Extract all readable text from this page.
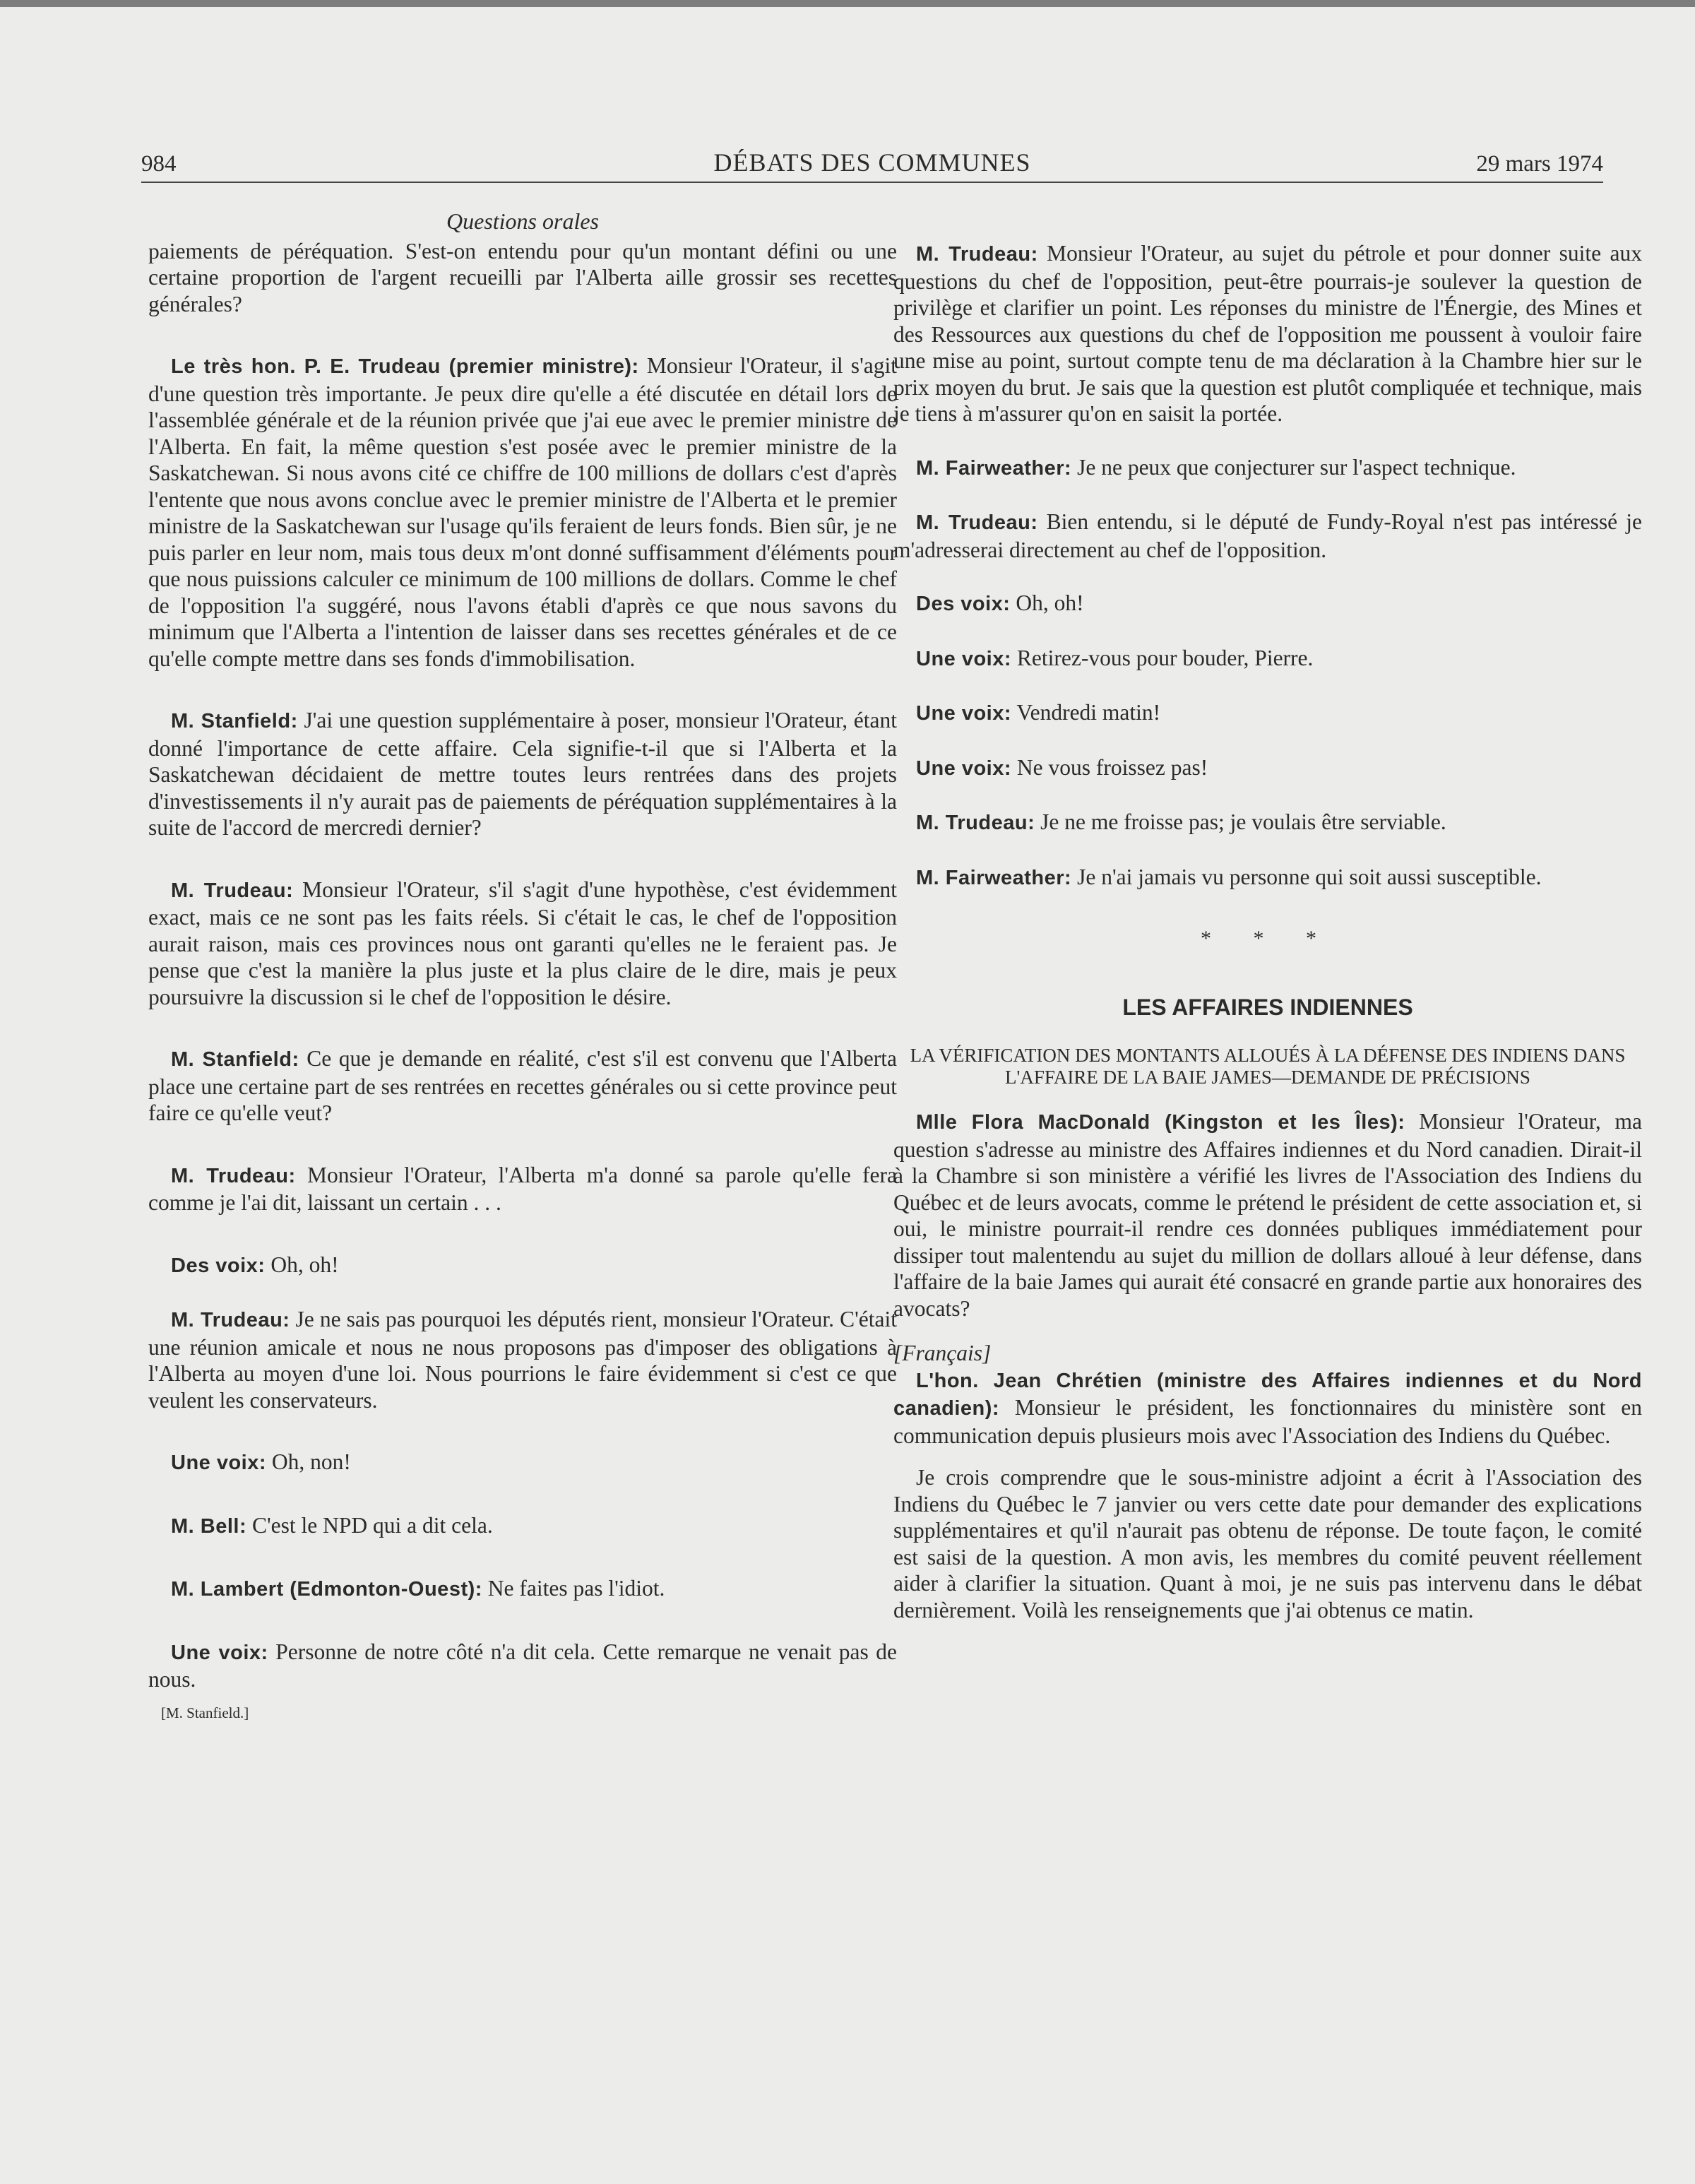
984	DÉBATS DES COMMUNES	29 mars 1974
Questions orales

paiements de péréquation. S'est-on entendu pour qu'un montant défini ou une certaine proportion de l'argent recueilli par l'Alberta aille grossir ses recettes générales?

Le très hon. P. E. Trudeau (premier ministre): Monsieur l'Orateur, il s'agit d'une question très importante. Je peux dire qu'elle a été discutée en détail lors de l'assemblée générale et de la réunion privée que j'ai eue avec le premier ministre de l'Alberta. En fait, la même question s'est posée avec le premier ministre de la Saskatchewan. Si nous avons cité ce chiffre de 100 millions de dollars c'est d'après l'entente que nous avons conclue avec le premier ministre de l'Alberta et le premier ministre de la Saskatchewan sur l'usage qu'ils feraient de leurs fonds. Bien sûr, je ne puis parler en leur nom, mais tous deux m'ont donné suffisamment d'éléments pour que nous puissions calculer ce minimum de 100 millions de dollars. Comme le chef de l'opposition l'a suggéré, nous l'avons établi d'après ce que nous savons du minimum que l'Alberta a l'intention de laisser dans ses recettes générales et de ce qu'elle compte mettre dans ses fonds d'immobilisation.

M. Stanfield: J'ai une question supplémentaire à poser, monsieur l'Orateur, étant donné l'importance de cette affaire. Cela signifie-t-il que si l'Alberta et la Saskatchewan décidaient de mettre toutes leurs rentrées dans des projets d'investissements il n'y aurait pas de paiements de péréquation supplémentaires à la suite de l'accord de mercredi dernier?

M. Trudeau: Monsieur l'Orateur, s'il s'agit d'une hypothèse, c'est évidemment exact, mais ce ne sont pas les faits réels. Si c'était le cas, le chef de l'opposition aurait raison, mais ces provinces nous ont garanti qu'elles ne le feraient pas. Je pense que c'est la manière la plus juste et la plus claire de le dire, mais je peux poursuivre la discussion si le chef de l'opposition le désire.

M. Stanfield: Ce que je demande en réalité, c'est s'il est convenu que l'Alberta place une certaine part de ses rentrées en recettes générales ou si cette province peut faire ce qu'elle veut?

M. Trudeau: Monsieur l'Orateur, l'Alberta m'a donné sa parole qu'elle fera comme je l'ai dit, laissant un certain . . .

Des voix: Oh, oh!

M. Trudeau: Je ne sais pas pourquoi les députés rient, monsieur l'Orateur. C'était une réunion amicale et nous ne nous proposons pas d'imposer des obligations à l'Alberta au moyen d'une loi. Nous pourrions le faire évidemment si c'est ce que veulent les conservateurs.

Une voix: Oh, non!

M. Bell: C'est le NPD qui a dit cela.

M. Lambert (Edmonton-Ouest): Ne faites pas l'idiot.

Une voix: Personne de notre côté n'a dit cela. Cette remarque ne venait pas de nous.

[M. Stanfield.]

M. Trudeau: Monsieur l'Orateur, au sujet du pétrole et pour donner suite aux questions du chef de l'opposition, peut-être pourrais-je soulever la question de privilège et clarifier un point. Les réponses du ministre de l'Énergie, des Mines et des Ressources aux questions du chef de l'opposition me poussent à vouloir faire une mise au point, surtout compte tenu de ma déclaration à la Chambre hier sur le prix moyen du brut. Je sais que la question est plutôt compliquée et technique, mais je tiens à m'assurer qu'on en saisit la portée.

M. Fairweather: Je ne peux que conjecturer sur l'aspect technique.

M. Trudeau: Bien entendu, si le député de Fundy-Royal n'est pas intéressé je m'adresserai directement au chef de l'opposition.

Des voix: Oh, oh!

Une voix: Retirez-vous pour bouder, Pierre.

Une voix: Vendredi matin!

Une voix: Ne vous froissez pas!

M. Trudeau: Je ne me froisse pas; je voulais être serviable.

M. Fairweather: Je n'ai jamais vu personne qui soit aussi susceptible.

* * *
LES AFFAIRES INDIENNES
LA VÉRIFICATION DES MONTANTS ALLOUÉS À LA DÉFENSE DES INDIENS DANS L'AFFAIRE DE LA BAIE JAMES—DEMANDE DE PRÉCISIONS

Mlle Flora MacDonald (Kingston et les Îles): Monsieur l'Orateur, ma question s'adresse au ministre des Affaires indiennes et du Nord canadien. Dirait-il à la Chambre si son ministère a vérifié les livres de l'Association des Indiens du Québec et de leurs avocats, comme le prétend le président de cette association et, si oui, le ministre pourrait-il rendre ces données publiques immédiatement pour dissiper tout malentendu au sujet du million de dollars alloué à leur défense, dans l'affaire de la baie James qui aurait été consacré en grande partie aux honoraires des avocats?

[Français]

L'hon. Jean Chrétien (ministre des Affaires indiennes et du Nord canadien): Monsieur le président, les fonctionnaires du ministère sont en communication depuis plusieurs mois avec l'Association des Indiens du Québec.

Je crois comprendre que le sous-ministre adjoint a écrit à l'Association des Indiens du Québec le 7 janvier ou vers cette date pour demander des explications supplémentaires et qu'il n'aurait pas obtenu de réponse. De toute façon, le comité est saisi de la question. A mon avis, les membres du comité peuvent réellement aider à clarifier la situation. Quant à moi, je ne suis pas intervenu dans le débat dernièrement. Voilà les renseignements que j'ai obtenus ce matin.
